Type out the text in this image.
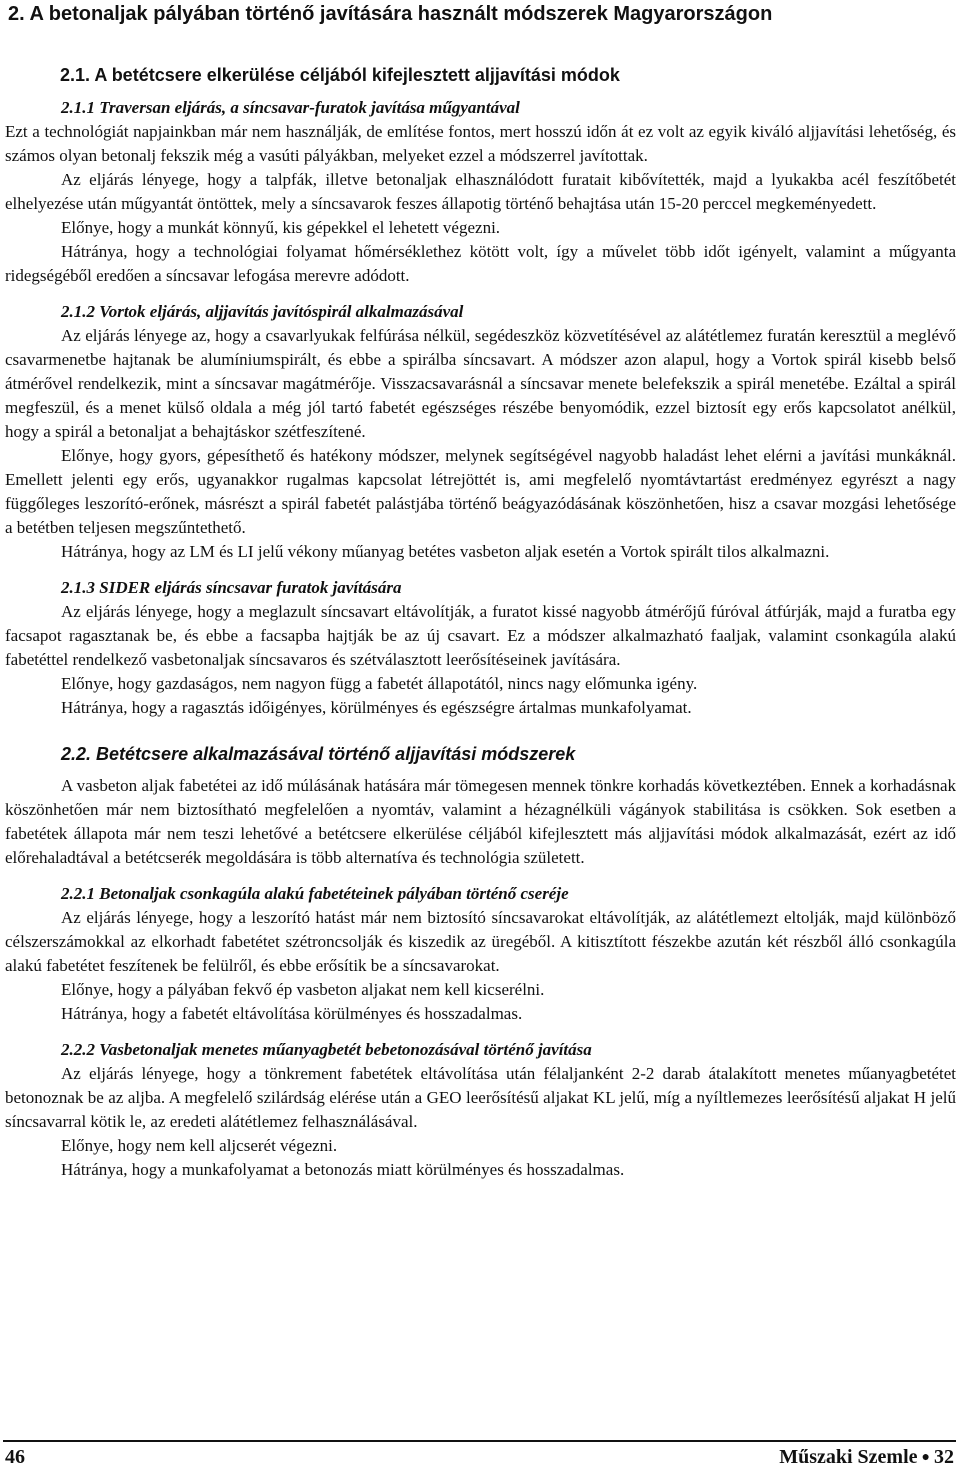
2. A betonaljak pályában történő javítására használt módszerek Magyarországon
2.1. A betétcsere elkerülése céljából kifejlesztett aljjavítási módok
2.1.1 Traversan eljárás, a síncsavar-furatok javítása műgyantával

Ezt a technológiát napjainkban már nem használják, de említése fontos, mert hosszú időn át ez volt az egyik kiváló aljjavítási lehetőség, és számos olyan betonalj fekszik még a vasúti pályákban, melyeket ezzel a módszerrel javítottak.

Az eljárás lényege, hogy a talpfák, illetve betonaljak elhasználódott furatait kibővítették, majd a lyukakba acél feszítőbetét elhelyezése után műgyantát öntöttek, mely a síncsavarok feszes állapotig történő behajtása után 15-20 perccel megkeményedett.

Előnye, hogy a munkát könnyű, kis gépekkel el lehetett végezni.

Hátránya, hogy a technológiai folyamat hőmérséklethez kötött volt, így a művelet több időt igényelt, valamint a műgyanta ridegségéből eredően a síncsavar lefogása merevre adódott.

2.1.2 Vortok eljárás, aljjavítás javítóspirál alkalmazásával

Az eljárás lényege az, hogy a csavarlyukak felfúrása nélkül, segédeszköz közvetítésével az alátétlemez furatán keresztül a meglévő csavarmenetbe hajtanak be alumíniumspirált, és ebbe a spirálba síncsavart. A módszer azon alapul, hogy a Vortok spirál kisebb belső átmérővel rendelkezik, mint a síncsavar magátmérője. Visszacsavarásnál a síncsavar menete belefekszik a spirál menetébe. Ezáltal a spirál megfeszül, és a menet külső oldala a még jól tartó fabetét egészséges részébe benyomódik, ezzel biztosít egy erős kapcsolatot anélkül, hogy a spirál a betonaljat a behajtáskor szétfeszítené.

Előnye, hogy gyors, gépesíthető és hatékony módszer, melynek segítségével nagyobb haladást lehet elérni a javítási munkáknál. Emellett jelenti egy erős, ugyanakkor rugalmas kapcsolat létrejöttét is, ami megfelelő nyomtávtartást eredményez egyrészt a nagy függőleges leszorító-erőnek, másrészt a spirál fabetét palástjába történő beágyazódásának köszönhetően, hisz a csavar mozgási lehetősége a betétben teljesen megszűntethető.

Hátránya, hogy az LM és LI jelű vékony műanyag betétes vasbeton aljak esetén a Vortok spirált tilos alkalmazni.

2.1.3 SIDER eljárás síncsavar furatok javítására

Az eljárás lényege, hogy a meglazult síncsavart eltávolítják, a furatot kissé nagyobb átmérőjű fúróval átfúrják, majd a furatba egy facsapot ragasztanak be, és ebbe a facsapba hajtják be az új csavart. Ez a módszer alkalmazható faaljak, valamint csonkagúla alakú fabetéttel rendelkező vasbetonaljak síncsavaros és szétválasztott leerősítéseinek javítására.

Előnye, hogy gazdaságos, nem nagyon függ a fabetét állapotától, nincs nagy előmunka igény.

Hátránya, hogy a ragasztás időigényes, körülményes és egészségre ártalmas munkafolyamat.

2.2. Betétcsere alkalmazásával történő aljjavítási módszerek

A vasbeton aljak fabetétei az idő múlásának hatására már tömegesen mennek tönkre korhadás következtében. Ennek a korhadásnak köszönhetően már nem biztosítható megfelelően a nyomtáv, valamint a hézagnélküli vágányok stabilitása is csökken. Sok esetben a fabetétek állapota már nem teszi lehetővé a betétcsere elkerülése céljából kifejlesztett más aljjavítási módok alkalmazását, ezért az idő előrehaladtával a betétcserék megoldására is több alternatíva és technológia született.

2.2.1 Betonaljak csonkagúla alakú fabetéteinek pályában történő cseréje

Az eljárás lényege, hogy a leszorító hatást már nem biztosító síncsavarokat eltávolítják, az alátétlemezt eltolják, majd különböző célszerszámokkal az elkorhadt fabetétet szétroncsolják és kiszedik az üregéből. A kitisztított fészekbe azután két részből álló csonkagúla alakú fabetétet feszítenek be felülről, és ebbe erősítik be a síncsavarokat.

Előnye, hogy a pályában fekvő ép vasbeton aljakat nem kell kicserélni.

Hátránya, hogy a fabetét eltávolítása körülményes és hosszadalmas.

2.2.2 Vasbetonaljak menetes műanyagbetét bebetonozásával történő javítása

Az eljárás lényege, hogy a tönkrement fabetétek eltávolítása után félaljanként 2-2 darab átalakított menetes műanyagbetétet betonoznak be az aljba. A megfelelő szilárdság elérése után a GEO leerősítésű aljakat KL jelű, míg a nyíltlemezes leerősítésű aljakat H jelű síncsavarral kötik le, az eredeti alátétlemez felhasználásával.

Előnye, hogy nem kell aljcserét végezni.

Hátránya, hogy a munkafolyamat a betonozás miatt körülményes és hosszadalmas.

46	Műszaki Szemle ● 32
